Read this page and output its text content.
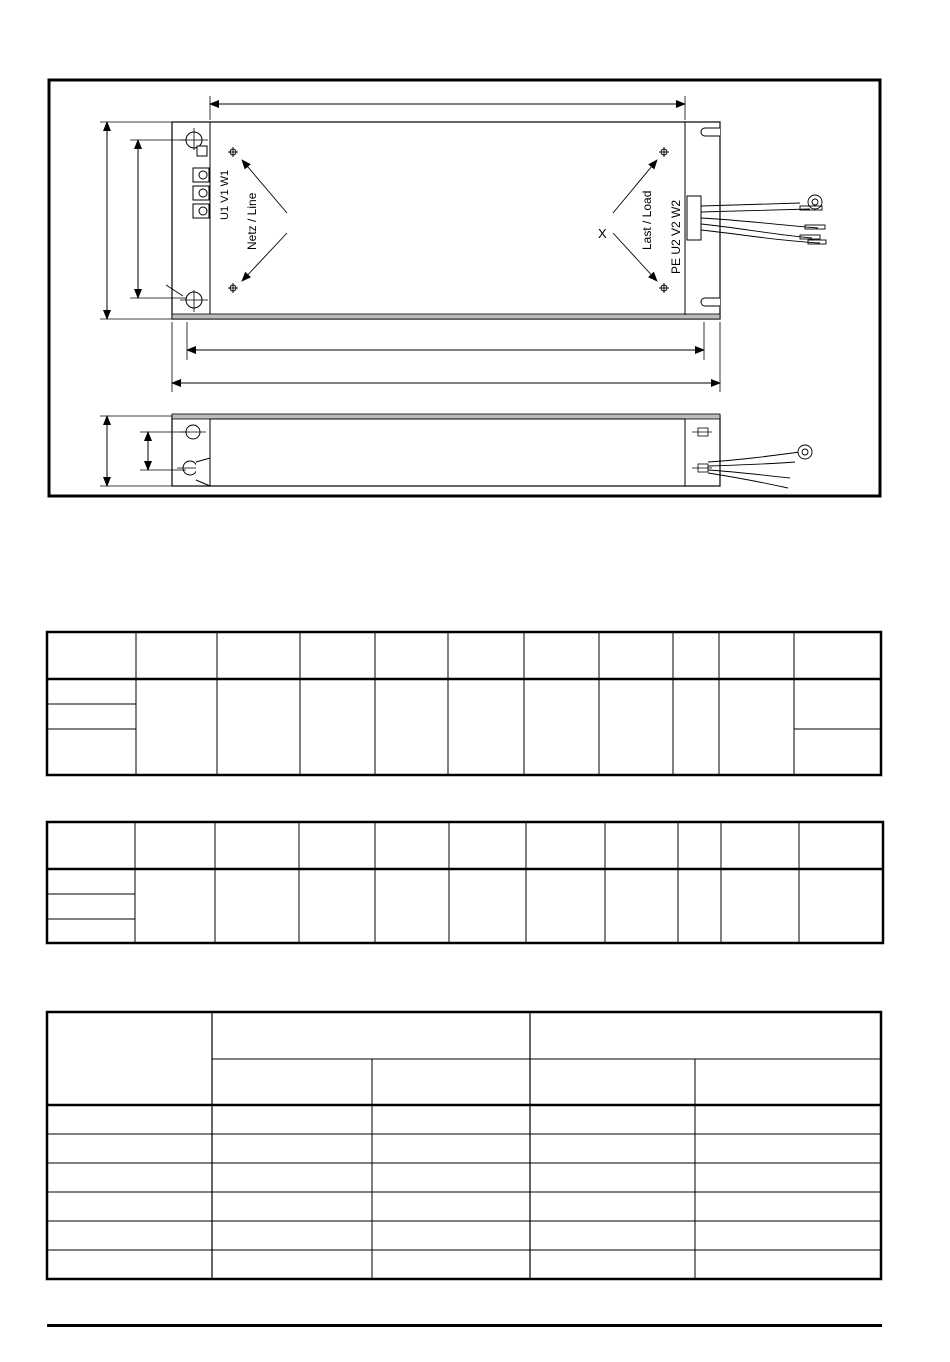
U1 V1 W1 Netz / Line	X	Last / Load PE U2 V2 W2
